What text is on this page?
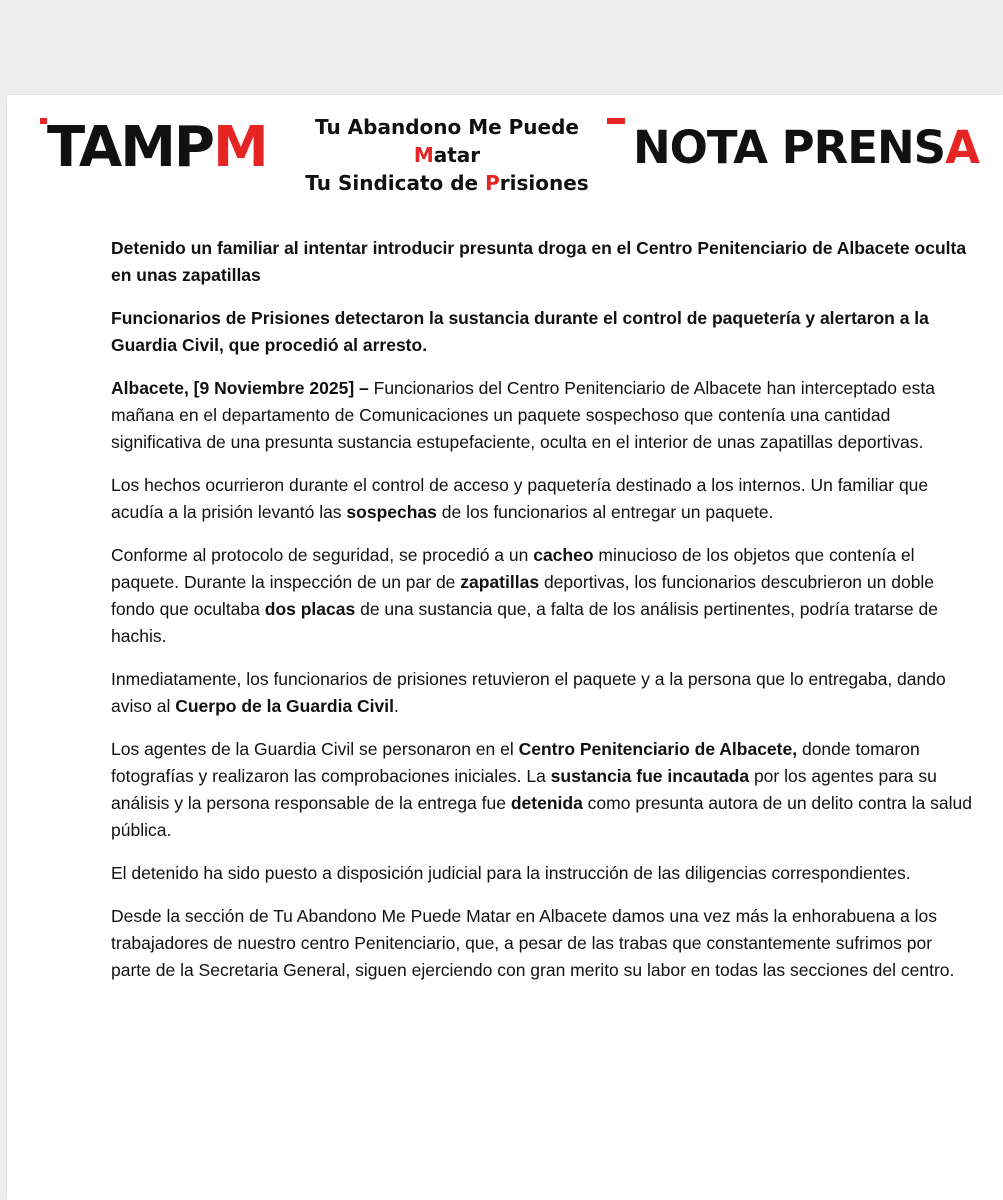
TAMPM	Tu Abandono Me Puede Matar
Tu Sindicato de Prisiones
NOTA PRENSA

Detenido un familiar al intentar introducir presunta droga en el Centro Penitenciario de Albacete oculta en unas zapatillas

Funcionarios de Prisiones detectaron la sustancia durante el control de paquetería y alertaron a la Guardia Civil, que procedió al arresto.

Albacete, [9 Noviembre 2025] – Funcionarios del Centro Penitenciario de Albacete han interceptado esta mañana en el departamento de Comunicaciones un paquete sospechoso que contenía una cantidad significativa de una presunta sustancia estupefaciente, oculta en el interior de unas zapatillas deportivas.

Los hechos ocurrieron durante el control de acceso y paquetería destinado a los internos. Un familiar que acudía a la prisión levantó las sospechas de los funcionarios al entregar un paquete.

Conforme al protocolo de seguridad, se procedió a un cacheo minucioso de los objetos que contenía el paquete. Durante la inspección de un par de zapatillas deportivas, los funcionarios descubrieron un doble fondo que ocultaba dos placas de una sustancia que, a falta de los análisis pertinentes, podría tratarse de hachis.

Inmediatamente, los funcionarios de prisiones retuvieron el paquete y a la persona que lo entregaba, dando aviso al Cuerpo de la Guardia Civil.

Los agentes de la Guardia Civil se personaron en el Centro Penitenciario de Albacete, donde tomaron fotografías y realizaron las comprobaciones iniciales. La sustancia fue incautada por los agentes para su análisis y la persona responsable de la entrega fue detenida como presunta autora de un delito contra la salud pública.

El detenido ha sido puesto a disposición judicial para la instrucción de las diligencias correspondientes.

Desde la sección de Tu Abandono Me Puede Matar en Albacete damos una vez más la enhorabuena a los trabajadores de nuestro centro Penitenciario, que, a pesar de las trabas que constantemente sufrimos por parte de la Secretaria General, siguen ejerciendo con gran merito su labor en todas las secciones del centro.
